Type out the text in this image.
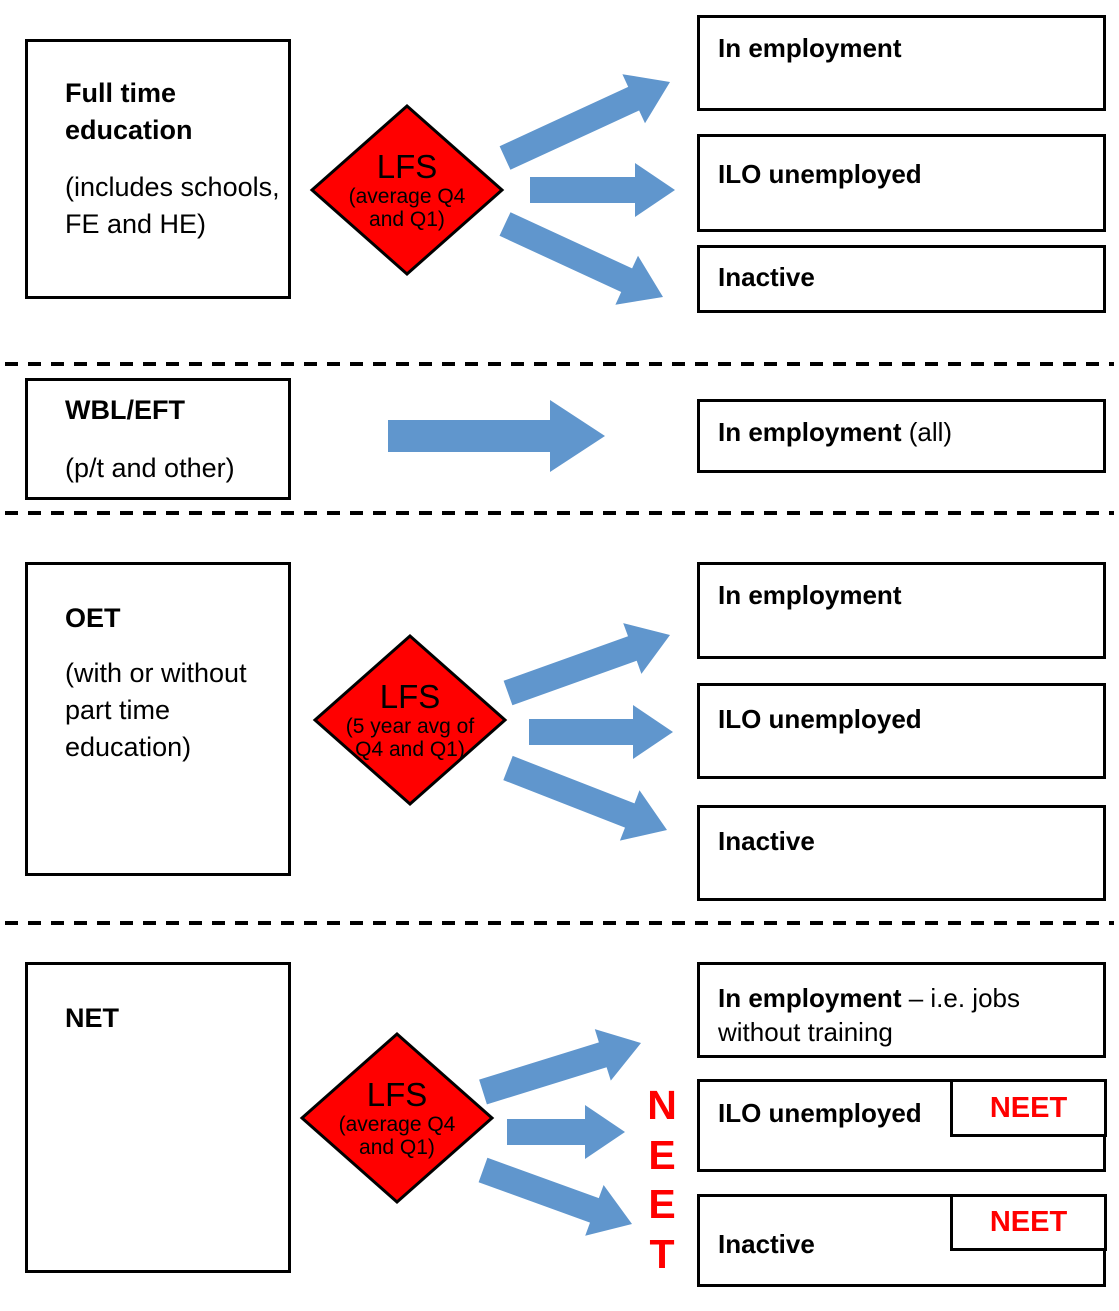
Full time education
(includes schools, FE and HE)
LFS
(average Q4
and Q1)
In employment
ILO unemployed
Inactive
WBL/EFT
(p/t and other)
In employment (all)
OET
(with or without part time education)
LFS
(5 year avg of
Q4 and Q1)
In employment
ILO unemployed
Inactive
NET
LFS
(average Q4
and Q1)
In employment – i.e. jobs without training
ILO unemployed	NEET
Inactive
NEET
N
E
E
T
